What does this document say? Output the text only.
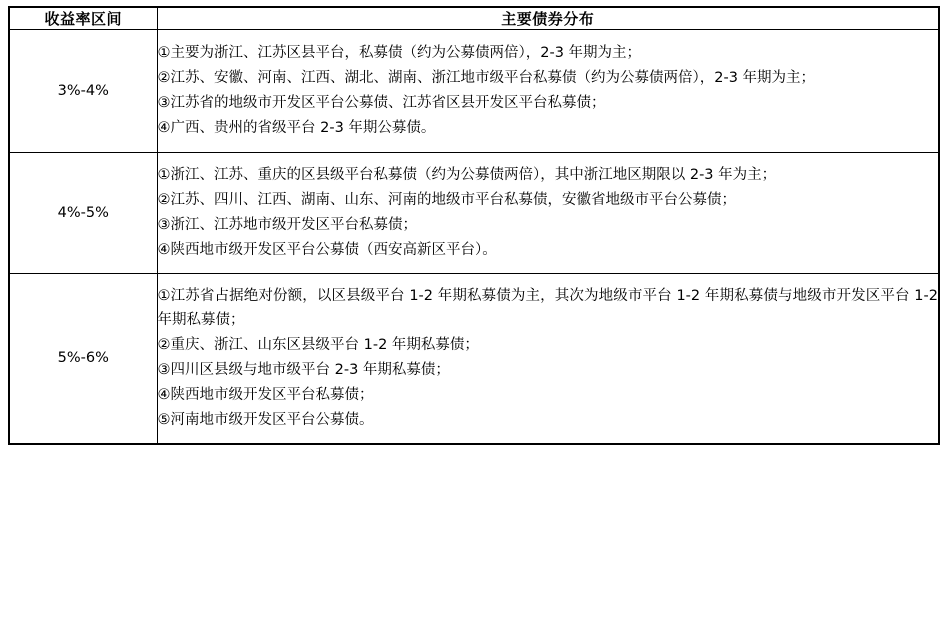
收益率区间	主要债券分布
3%-4%	①主要为浙江、江苏区县平台，私募债（约为公募债两倍），2-3 年期为主；

②江苏、安徽、河南、江西、湖北、湖南、浙江地市级平台私募债（约为公募债两倍），2-3 年期为主；

③江苏省的地级市开发区平台公募债、江苏省区县开发区平台私募债；

④广西、贵州的省级平台 2-3 年期公募债。

4%-5%	①浙江、江苏、重庆的区县级平台私募债（约为公募债两倍），其中浙江地区期限以 2-3 年为主；

②江苏、四川、江西、湖南、山东、河南的地级市平台私募债，安徽省地级市平台公募债；

③浙江、江苏地市级开发区平台私募债；

④陕西地市级开发区平台公募债（西安高新区平台）。

5%-6%	①江苏省占据绝对份额，以区县级平台 1-2 年期私募债为主，其次为地级市平台 1-2 年期私募债与地级市开发区平台 1-2 年期私募债；

②重庆、浙江、山东区县级平台 1-2 年期私募债；

③四川区县级与地市级平台 2-3 年期私募债；

④陕西地市级开发区平台私募债；

⑤河南地市级开发区平台公募债。
